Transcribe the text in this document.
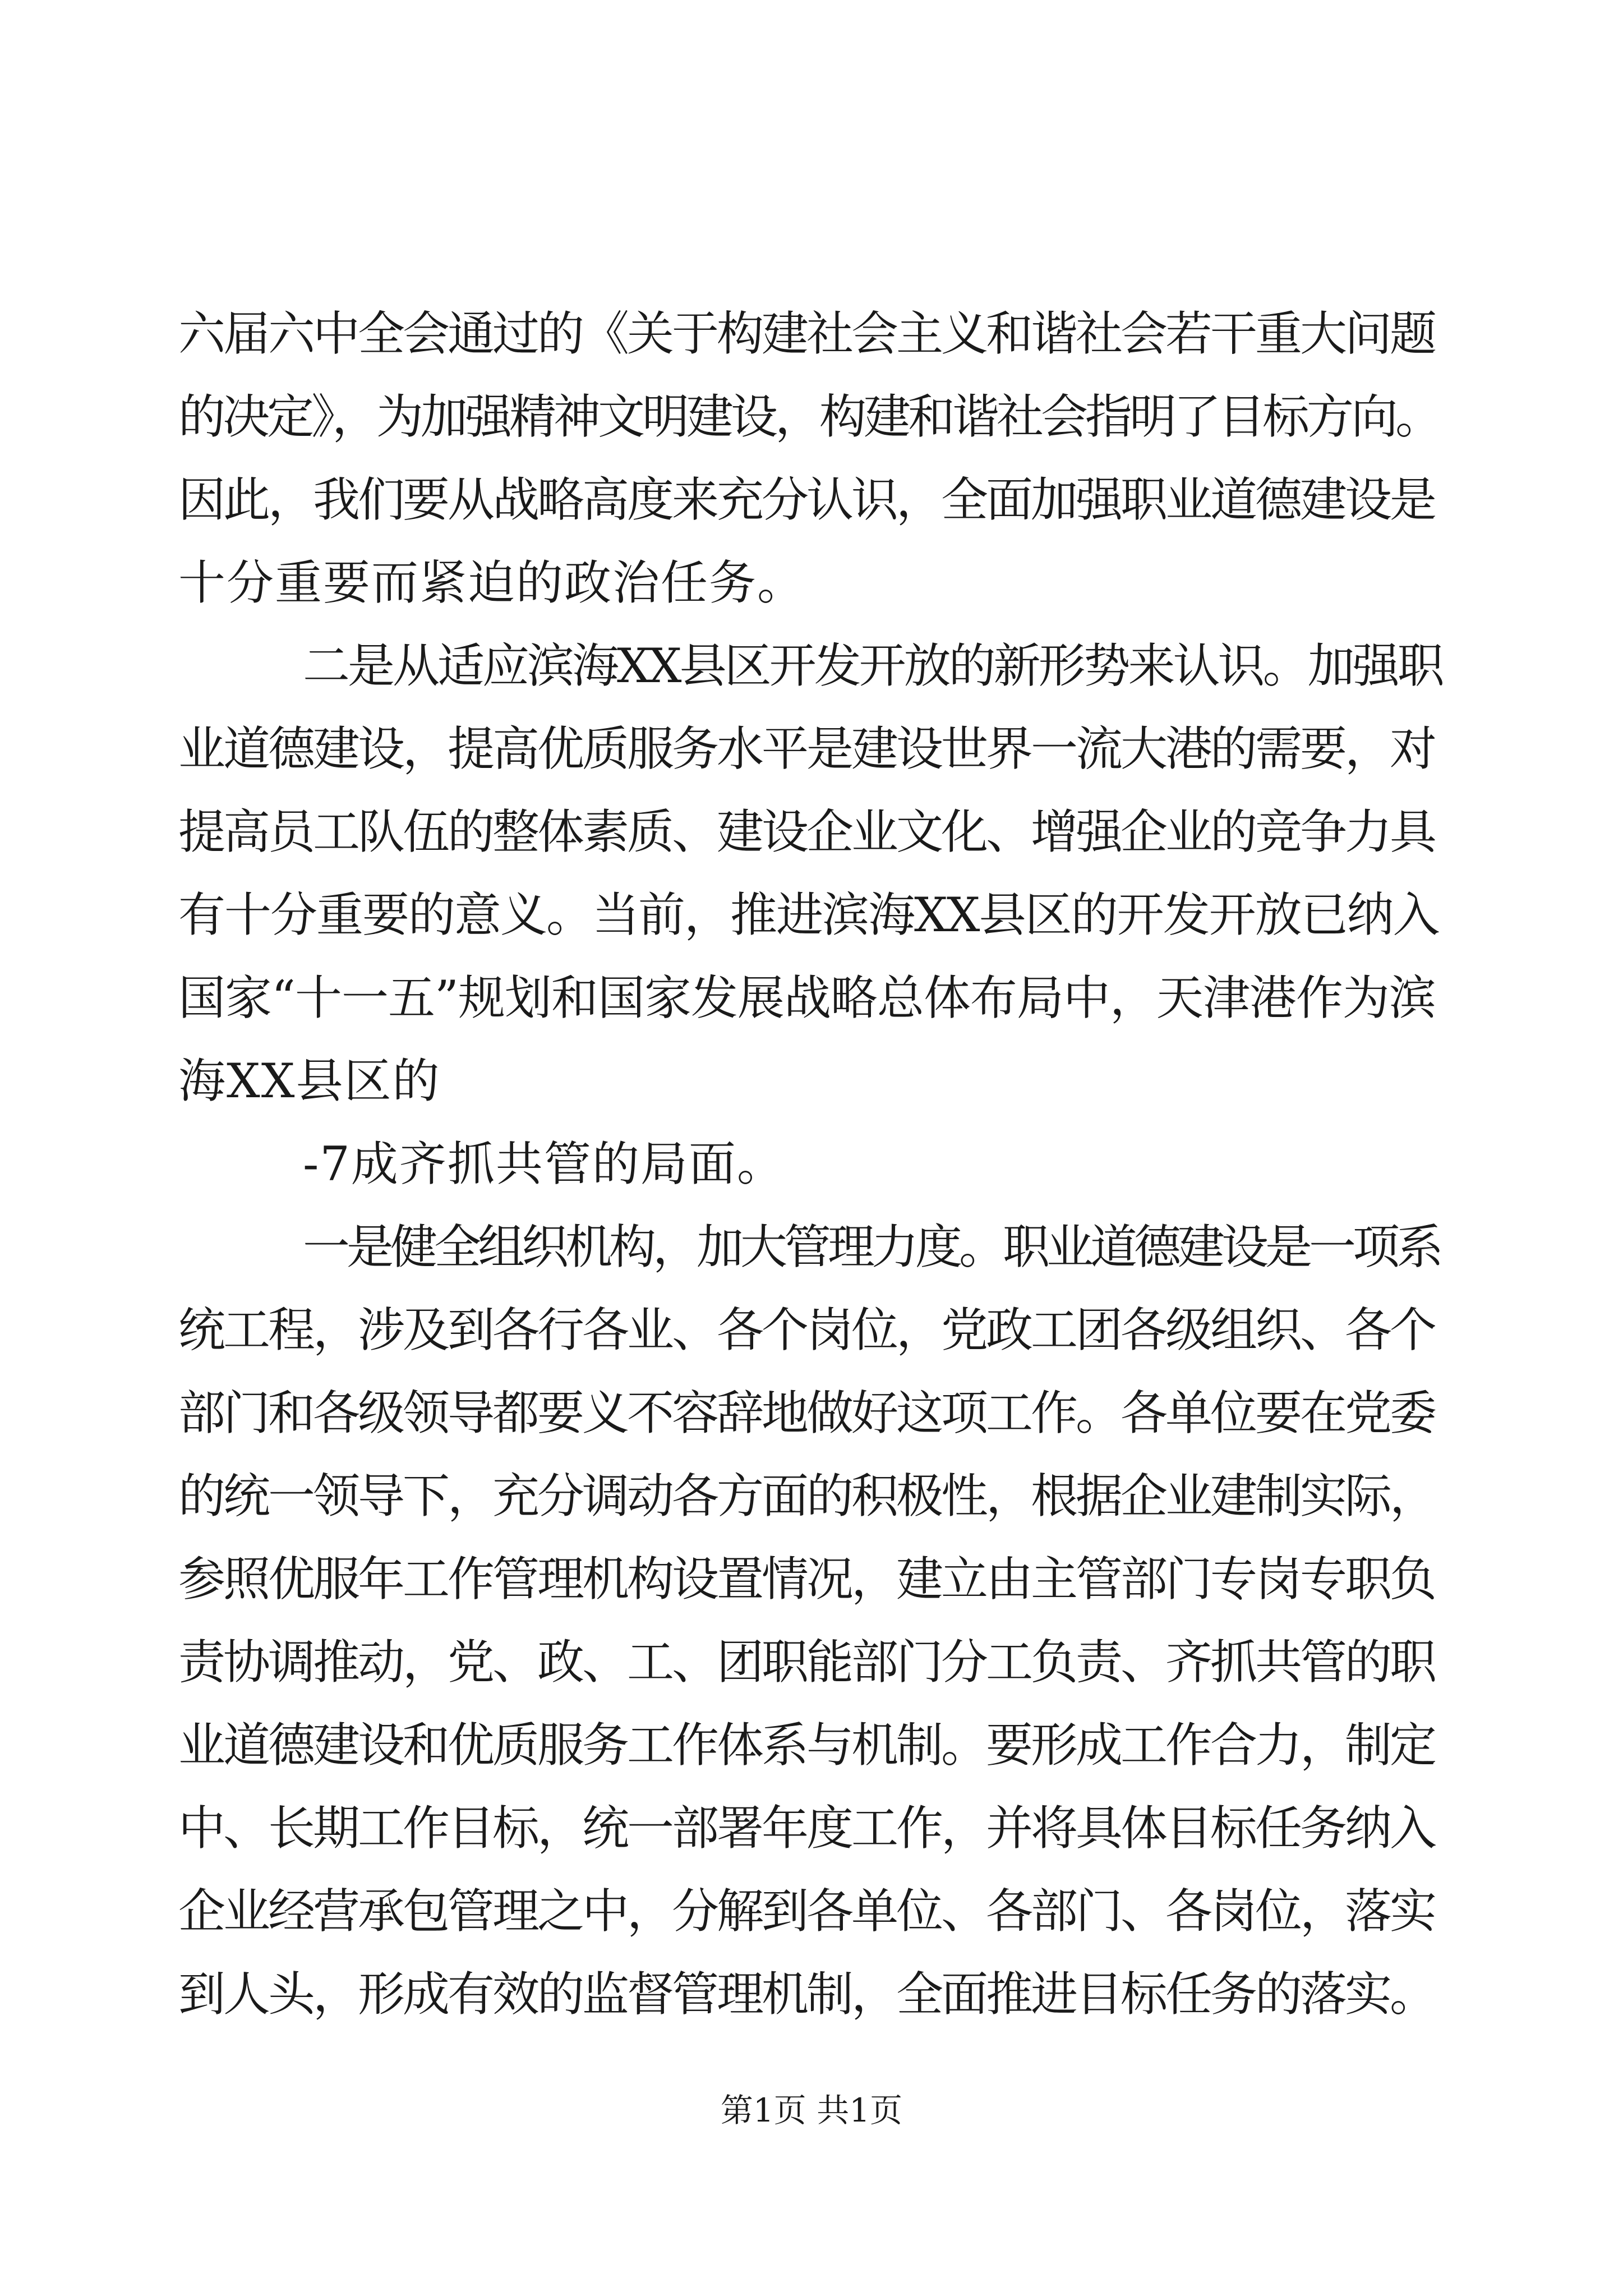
六届六中全会通过的《关于构建社会主义和谐社会若干重大问题
的决定》，为加强精神文明建设，构建和谐社会指明了目标方向。
因此，我们要从战略高度来充分认识，全面加强职业道德建设是
十分重要而紧迫的政治任务。
二是从适应滨海XX县区开发开放的新形势来认识。加强职
业道德建设，提高优质服务水平是建设世界一流大港的需要，对
提高员工队伍的整体素质、建设企业文化、增强企业的竞争力具
有十分重要的意义。当前，推进滨海XX县区的开发开放已纳入
国家“十一五”规划和国家发展战略总体布局中，天津港作为滨
海XX县区的
-7成齐抓共管的局面。
一是健全组织机构，加大管理力度。职业道德建设是一项系
统工程，涉及到各行各业、各个岗位，党政工团各级组织、各个
部门和各级领导都要义不容辞地做好这项工作。各单位要在党委
的统一领导下，充分调动各方面的积极性，根据企业建制实际，
参照优服年工作管理机构设置情况，建立由主管部门专岗专职负
责协调推动，党、政、工、团职能部门分工负责、齐抓共管的职
业道德建设和优质服务工作体系与机制。要形成工作合力，制定
中、长期工作目标，统一部署年度工作，并将具体目标任务纳入
企业经营承包管理之中，分解到各单位、各部门、各岗位，落实
到人头，形成有效的监督管理机制，全面推进目标任务的落实。
第1页 共1页
